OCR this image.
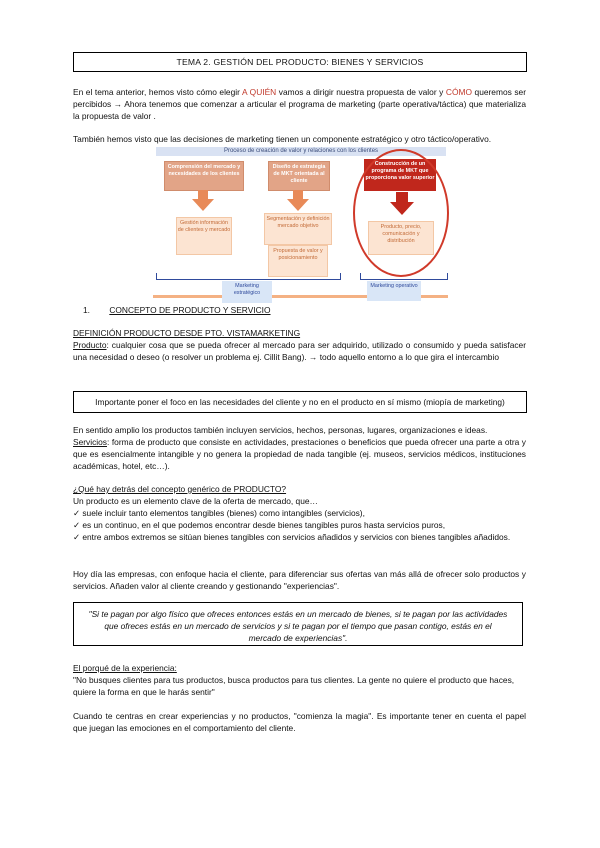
TEMA 2. GESTIÓN DEL PRODUCTO: BIENES Y SERVICIOS

En el tema anterior, hemos visto cómo elegir A QUIÉN vamos a dirigir nuestra propuesta de valor y CÓMO queremos ser percibidos → Ahora tenemos que comenzar a articular el programa de marketing (parte operativa/táctica) que materializa la propuesta de valor .

También hemos visto que las decisiones de marketing tienen un componente estratégico y otro táctico/operativo.

Proceso de creación de valor y relaciones con los clientes
Comprensión del mercado y necesidades de los clientes
Diseño de estrategia de MKT orientada al cliente
Construcción de un programa de MKT que proporciona valor superior
Gestión información de clientes y mercado
Segmentación y definición mercado objetivo
Propuesta de valor y posicionamiento
Producto, precio, comunicación y distribución
Marketing estratégico
Marketing operativo
1. CONCEPTO DE PRODUCTO Y SERVICIO

DEFINICIÓN PRODUCTO DESDE PTO. VISTAMARKETING

Producto: cualquier cosa que se pueda ofrecer al mercado para ser adquirido, utilizado o consumido y pueda satisfacer una necesidad o deseo (o resolver un problema ej. Cillit Bang). → todo aquello entorno a lo que gira el intercambio

Importante poner el foco en las necesidades del cliente y no en el producto en sí mismo (miopía de marketing)

En sentido amplio los productos también incluyen servicios, hechos, personas, lugares, organizaciones e ideas.

Servicios: forma de producto que consiste en actividades, prestaciones o beneficios que pueda ofrecer una parte a otra y que es esencialmente intangible y no genera la propiedad de nada tangible (ej. museos, servicios médicos, instituciones académicas, hotel, etc…).

¿Qué hay detrás del concepto genérico de PRODUCTO?

Un producto es un elemento clave de la oferta de mercado, que…

✓ suele incluir tanto elementos tangibles (bienes) como intangibles (servicios),

✓ es un continuo, en el que podemos encontrar desde bienes tangibles puros hasta servicios puros,

✓ entre ambos extremos se sitúan bienes tangibles con servicios añadidos y servicios con bienes tangibles añadidos.

Hoy día las empresas, con enfoque hacia el cliente, para diferenciar sus ofertas van más allá de ofrecer solo productos y servicios. Añaden valor al cliente creando y gestionando "experiencias".

"Si te pagan por algo físico que ofreces entonces estás en un mercado de bienes, si te pagan por las actividades que ofreces estás en un mercado de servicios y si te pagan por el tiempo que pasan contigo, estás en el mercado de experiencias".

El porqué de la experiencia:

"No busques clientes para tus productos, busca productos para tus clientes. La gente no quiere el producto que haces, quiere la forma en que le harás sentir"

Cuando te centras en crear experiencias y no productos, "comienza la magia". Es importante tener en cuenta el papel que juegan las emociones en el comportamiento del cliente.
